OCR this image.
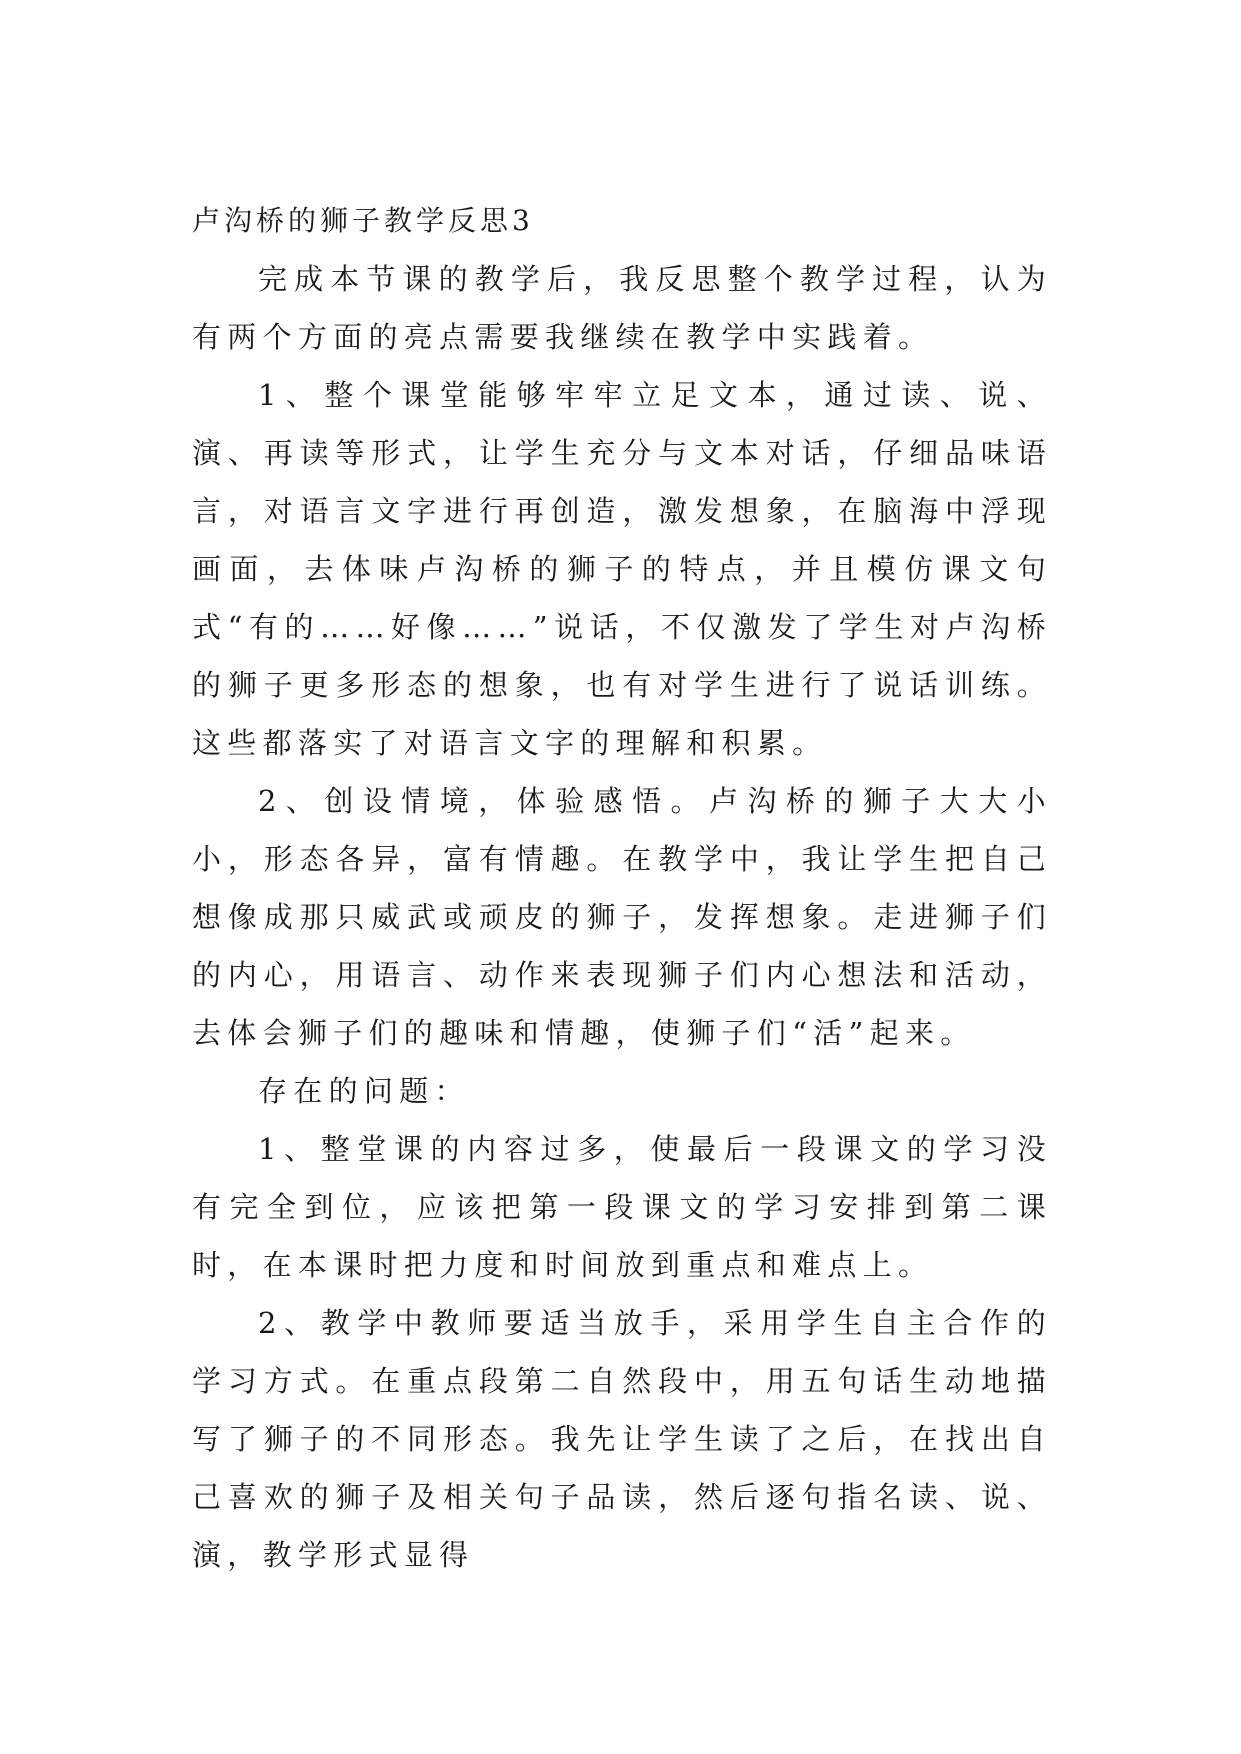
卢沟桥的狮子教学反思3

完成本节课的教学后，我反思整个教学过程，认为有两个方面的亮点需要我继续在教学中实践着。

1、整个课堂能够牢牢立足文本，通过读、说、演、再读等形式，让学生充分与文本对话，仔细品味语言，对语言文字进行再创造，激发想象，在脑海中浮现画面，去体味卢沟桥的狮子的特点，并且模仿课文句式“有的……好像……”说话，不仅激发了学生对卢沟桥的狮子更多形态的想象，也有对学生进行了说话训练。这些都落实了对语言文字的理解和积累。

2、创设情境，体验感悟。卢沟桥的狮子大大小小，形态各异，富有情趣。在教学中，我让学生把自己想像成那只威武或顽皮的狮子，发挥想象。走进狮子们的内心，用语言、动作来表现狮子们内心想法和活动，去体会狮子们的趣味和情趣，使狮子们“活”起来。

存在的问题：

1、整堂课的内容过多，使最后一段课文的学习没有完全到位，应该把第一段课文的学习安排到第二课时，在本课时把力度和时间放到重点和难点上。

2、教学中教师要适当放手，采用学生自主合作的学习方式。在重点段第二自然段中，用五句话生动地描写了狮子的不同形态。我先让学生读了之后，在找出自己喜欢的狮子及相关句子品读，然后逐句指名读、说、演，教学形式显得
